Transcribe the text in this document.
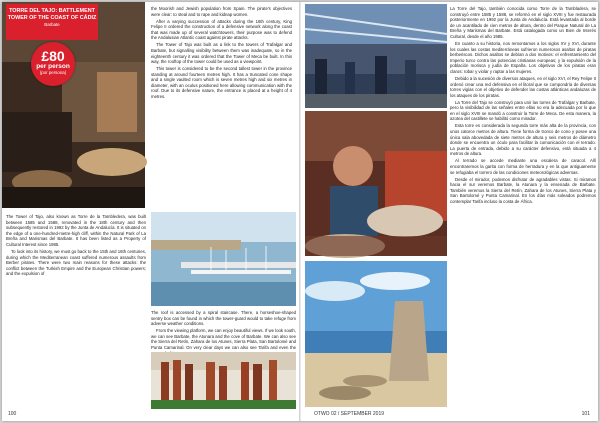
TORRE DEL TAJO: BATTLEMENT TOWER OF THE COAST OF CÁDIZ
Barbate
£80
per person
(por persona)

The Tower of Tajo, also known as Torre de la Tambledera, was built between 1585 and 1588, renovated in the 18th century and then subsequently restored in 1992 by the Junta de Andalucía. It is situated on the edge of a one-hundred-metre-high cliff, within the Natural Park of La Breña and Marismas del Barbate. It has been listed as a Property of Cultural Interest since 1985.

To look into its history, we must go back to the 15th and 16th centuries, during which the Mediterranean coast suffered numerous assaults from Berber pirates. There were two main reasons for these attacks: the conflict between the Turkish Empire and the European Christian powers; and the expulsion of

the Moorish and Jewish population from Spain. The pirate's objectives were clear: to steal and to rape and kidnap women.

After a varying succession of attacks during the 16th century, King Felipe II ordered the construction of a defensive network along the coast that was made up of several watchtowers, their purpose was to defend the Andalusian Atlantic coast against pirate attacks.

The Tower of Tajo was built as a link to the towers of Trafalgar and Barbate, but signalling visibility between them was inadequate, so in the eighteenth century it was ordered that the Tower of Meca be built. In this way, the rooftop of the tower could be used as a viewpoint.

This tower is considered to be the second tallest tower in the province standing at around fourteen metres high. It has a truncated cone shape and a single vaulted room which is seven metres high and six metres in diameter, with an oculus positioned here allowing communication with the roof. Due to its defensive nature, the entrance is placed at a height of 4 metres.

The roof is accessed by a spiral staircase. There, a horseshoe-shaped sentry box can be found in which the tower-guard would to take refuge from adverse weather conditions.

From the viewing platform, we can enjoy beautiful views. If we look south, we can see Barbate, the Atunara and the cove of Barbate. We can also see the Sierra del Retín, Zahara de los Atunes, Sierra Plata, San Bartolomé and Punta Camarinal. On very clear days we can also see Tarifa and even the

100

La Torre del Tajo, también conocida como Torre de la Tambladera, se construyó entre 1585 y 1588, se reformó en el siglo XVIII y fue restaurada posteriormente en 1992 por la Junta de Andalucía. Está levantada al borde de un acantilado de cien metros de altura, dentro del Parque Natural de La Breña y Marismas del Barbate. Está catalogada como un Bien de Interés Cultural, desde el año 1985.

En cuanto a su historia, nos remontamos a los siglos XV y XVI, durante los cuales las costas mediterráneas sufrieron numerosos asaltos de piratas berberiscos. Dichos asaltos se debían a dos motivos: el enfrentamiento del Imperio turco contra las potencias cristianas europeas; y la expulsión de la población morisca y judía de España. Los objetivos de los piratas eran claros: robar y violar y raptar a las mujeres.

Debido a la sucesión de diversos ataques, en el siglo XVI, el Rey Felipe II ordenó crear una red defensiva en el litoral que se compondría de diversas torres vigías con el objetivo de defender las costas atlánticas andaluzas de los ataques de los piratas.

La Torre del Tajo se construyó para unir las torres de Trafalgar y Barbate, pero la visibilidad de las señales entre ellas no era la adecuada por lo que en el siglo XVIII se mandó a construir la Torre de Meca. De esta manera, la azotea del castillete se habilitó como mirador.

Esta torre es considerada la segunda torre más alta de la provincia, con unos catorce metros de altura. Tiene forma de tronco de cono y posee una única sala abovedada de siete metros de altura y seis metros de diámetro donde se encuentra un óculo para facilitar la comunicación con el terrado. La puerta de entrada, debido a su carácter defensivo, está situada a 4 metros de altura.

Al terrado se accede mediante una escalera de caracol. Allí encontraremos la garita con forma de herradura y en la que antiguamente se refugiaba el torrero de las condiciones meteorológicas adversas.

Desde el mirador, podemos disfrutar de agradables vistas. Si miramos hacia el sur veremos Barbate, la Atunara y la ensenada de Barbate. También veremos la Sierra del Retín, Zahara de los Atunes, Sierra Plata y San Bartolomé y Punta Camarinal. En los días más soleados podremos contemplar Tarifa incluso la costa de África.

OTWO 02 / SEPTEMBER 2019	101
